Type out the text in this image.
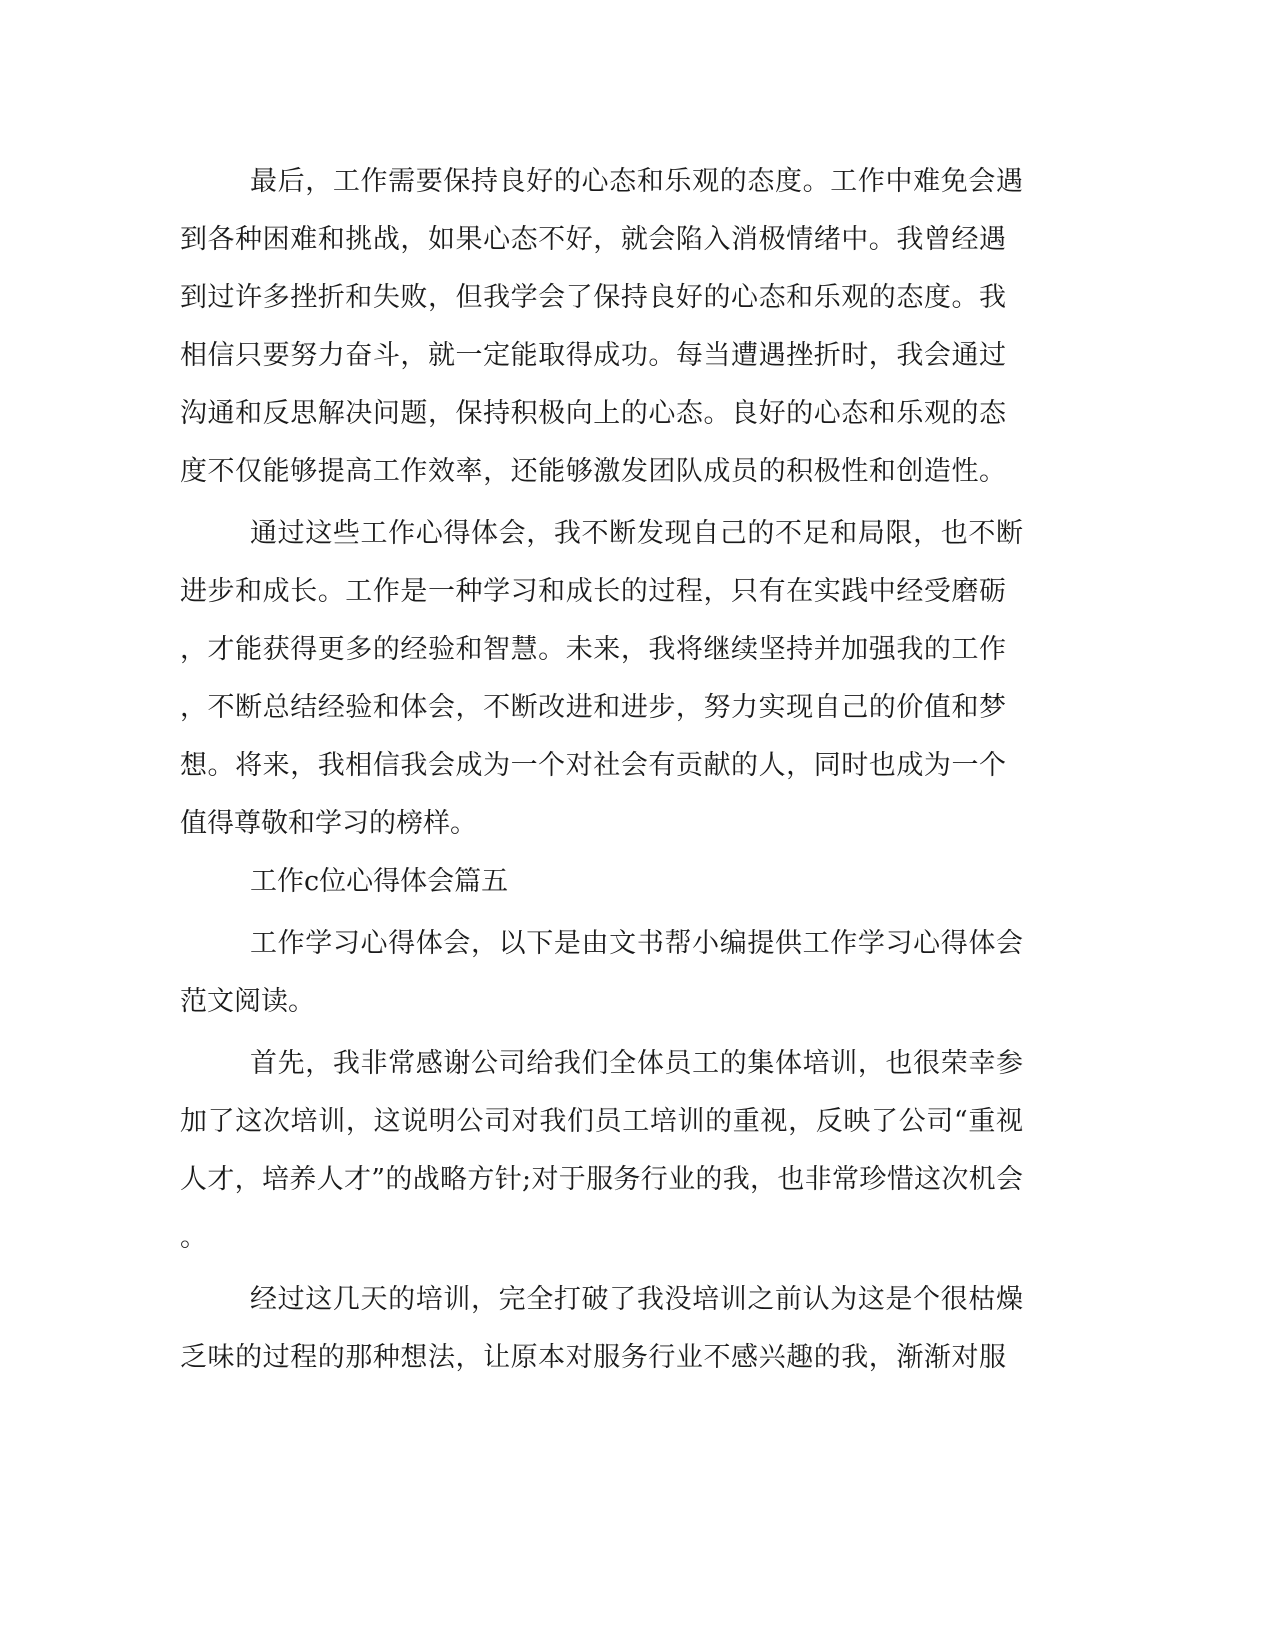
最后，工作需要保持良好的心态和乐观的态度。工作中难免会遇
到各种困难和挑战，如果心态不好，就会陷入消极情绪中。我曾经遇
到过许多挫折和失败，但我学会了保持良好的心态和乐观的态度。我
相信只要努力奋斗，就一定能取得成功。每当遭遇挫折时，我会通过
沟通和反思解决问题，保持积极向上的心态。良好的心态和乐观的态
度不仅能够提高工作效率，还能够激发团队成员的积极性和创造性。
通过这些工作心得体会，我不断发现自己的不足和局限，也不断
进步和成长。工作是一种学习和成长的过程，只有在实践中经受磨砺
，才能获得更多的经验和智慧。未来，我将继续坚持并加强我的工作
，不断总结经验和体会，不断改进和进步，努力实现自己的价值和梦
想。将来，我相信我会成为一个对社会有贡献的人，同时也成为一个
值得尊敬和学习的榜样。
工作c位心得体会篇五
工作学习心得体会，以下是由文书帮小编提供工作学习心得体会
范文阅读。
首先，我非常感谢公司给我们全体员工的集体培训，也很荣幸参
加了这次培训，这说明公司对我们员工培训的重视，反映了公司“重视
人才，培养人才”的战略方针;对于服务行业的我，也非常珍惜这次机会
。
经过这几天的培训，完全打破了我没培训之前认为这是个很枯燥
乏味的过程的那种想法，让原本对服务行业不感兴趣的我，渐渐对服
